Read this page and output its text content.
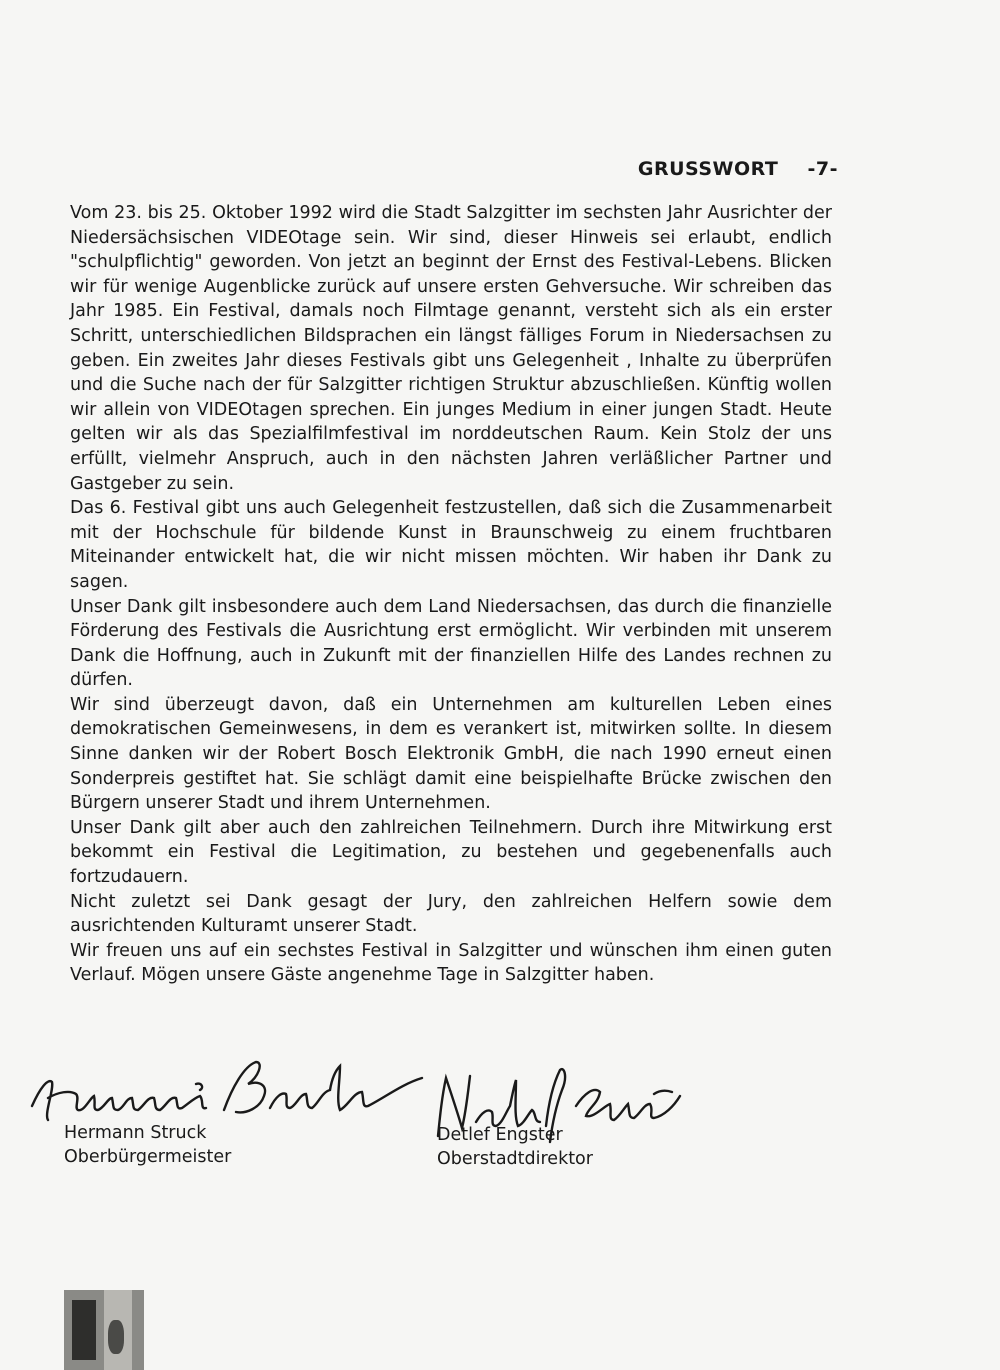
GRUSSWORT -7-

Vom 23. bis 25. Oktober 1992 wird die Stadt Salzgitter im sechsten Jahr Ausrichter der Niedersächsischen VIDEOtage sein. Wir sind, dieser Hinweis sei erlaubt, endlich "schulpflichtig" geworden. Von jetzt an beginnt der Ernst des Festival-Lebens. Blicken wir für wenige Augenblicke zurück auf unsere ersten Gehversuche. Wir schreiben das Jahr 1985. Ein Festival, damals noch Filmtage genannt, versteht sich als ein erster Schritt, unterschiedlichen Bildsprachen ein längst fälliges Forum in Niedersachsen zu geben. Ein zweites Jahr dieses Festivals gibt uns Gelegenheit , Inhalte zu überprüfen und die Suche nach der für Salzgitter richtigen Struktur abzuschließen. Künftig wollen wir allein von VIDEOtagen sprechen. Ein junges Medium in einer jungen Stadt. Heute gelten wir als das Spezialfilmfestival im norddeutschen Raum. Kein Stolz der uns erfüllt, vielmehr Anspruch, auch in den nächsten Jahren verläßlicher Partner und Gastgeber zu sein.

Das 6. Festival gibt uns auch Gelegenheit festzustellen, daß sich die Zusammenarbeit mit der Hochschule für bildende Kunst in Braunschweig zu einem fruchtbaren Miteinander entwickelt hat, die wir nicht missen möchten. Wir haben ihr Dank zu sagen.

Unser Dank gilt insbesondere auch dem Land Niedersachsen, das durch die finanzielle Förderung des Festivals die Ausrichtung erst ermöglicht. Wir verbinden mit unserem Dank die Hoffnung, auch in Zukunft mit der finanziellen Hilfe des Landes rechnen zu dürfen.

Wir sind überzeugt davon, daß ein Unternehmen am kulturellen Leben eines demokratischen Gemeinwesens, in dem es verankert ist, mitwirken sollte. In diesem Sinne danken wir der Robert Bosch Elektronik GmbH, die nach 1990 erneut einen Sonderpreis gestiftet hat. Sie schlägt damit eine beispielhafte Brücke zwischen den Bürgern unserer Stadt und ihrem Unternehmen.

Unser Dank gilt aber auch den zahlreichen Teilnehmern. Durch ihre Mitwirkung erst bekommt ein Festival die Legitimation, zu bestehen und gegebenenfalls auch fortzudauern.

Nicht zuletzt sei Dank gesagt der Jury, den zahlreichen Helfern sowie dem ausrichtenden Kulturamt unserer Stadt.

Wir freuen uns auf ein sechstes Festival in Salzgitter und wünschen ihm einen guten Verlauf. Mögen unsere Gäste angenehme Tage in Salzgitter haben.

Hermann Struck
Oberbürgermeister
Detlef Engster
Oberstadtdirektor
